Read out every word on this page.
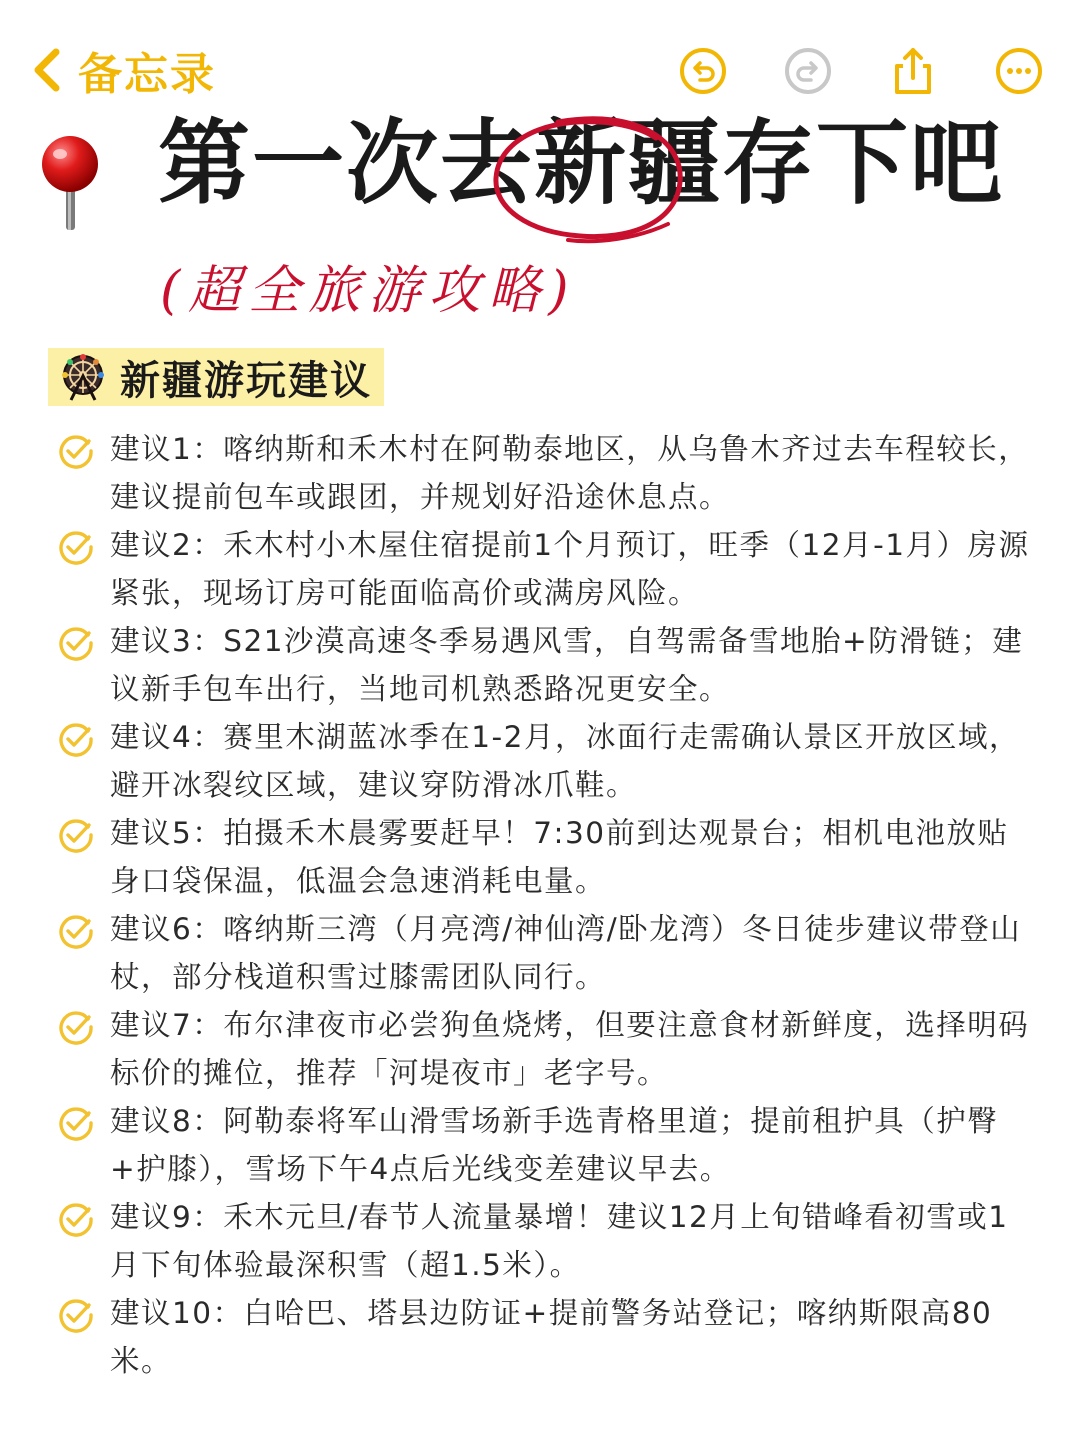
备忘录
第一次去新疆存下吧
(超全旅游攻略)
新疆游玩建议
建议1：喀纳斯和禾木村在阿勒泰地区，从乌鲁木齐过去车程较长，建议提前包车或跟团，并规划好沿途休息点。
建议2：禾木村小木屋住宿提前1个月预订，旺季（12月-1月）房源紧张，现场订房可能面临高价或满房风险。
建议3：S21沙漠高速冬季易遇风雪，自驾需备雪地胎+防滑链；建议新手包车出行，当地司机熟悉路况更安全。
建议4：赛里木湖蓝冰季在1-2月，冰面行走需确认景区开放区域，避开冰裂纹区域，建议穿防滑冰爪鞋。
建议5：拍摄禾木晨雾要赶早！7:30前到达观景台；相机电池放贴身口袋保温，低温会急速消耗电量。
建议6：喀纳斯三湾（月亮湾/神仙湾/卧龙湾）冬日徒步建议带登山杖，部分栈道积雪过膝需团队同行。
建议7：布尔津夜市必尝狗鱼烧烤，但要注意食材新鲜度，选择明码标价的摊位，推荐「河堤夜市」老字号。
建议8：阿勒泰将军山滑雪场新手选青格里道；提前租护具（护臀+护膝），雪场下午4点后光线变差建议早去。
建议9：禾木元旦/春节人流量暴增！建议12月上旬错峰看初雪或1月下旬体验最深积雪（超1.5米）。
建议10：白哈巴、塔县边防证+提前警务站登记；喀纳斯限高80米。
